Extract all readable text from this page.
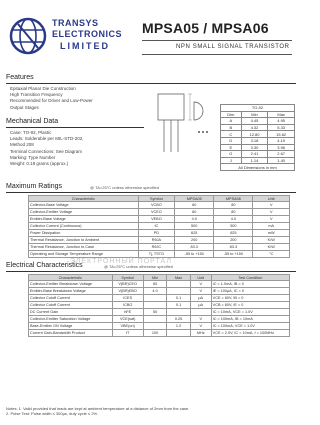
TRANSYS
ELECTRONICS
LIMITED
MPSA05 / MPSA06
NPN SMALL SIGNAL TRANSISTOR
Features
Epitaxial Planar Die Construction
High Transition Frequency
Recommended for Driver and Low-Power
Output Stages
Mechanical Data
Case: TO-92, Plastic
Leads: Solderable per MIL-STD-202,
Method 208
Terminal Connections: See Diagram
Marking: Type Number
Weight: 0.18 grams (approx.)
TO-92		
Dim	Min	Max
A	4.45	4.95
B	4.32	5.33
C	12.80	15.62
D	3.18	4.19
E	3.30	3.96
G	2.41	2.67
J	1.14	1.40
All Dimensions in mm		
Maximum Ratings	@ TA=25°C unless otherwise specified
Characteristic	Symbol	MPSA05	MPSA06	Unit
Collector-Base Voltage	VCBO	60	80	V
Collector-Emitter Voltage	VCEO	60	80	V
Emitter-Base Voltage	VEBO	4.0	4.0	V
Collector Current (Continuous)	IC	500	500	mA
Power Dissipation	PD	625	625	mW
Thermal Resistance, Junction to Ambient	RθJA	200	200	K/W
Thermal Resistance, Junction to Case	RθJC	83.3	83.3	K/W
Operating and Storage Temperature Range	Tj, TSTG	-55 to +150	-55 to +150	°C
ЭЛЕКТРОННЫЙ ПОРТАЛ
Electrical Characteristics	@ TA=25°C unless otherwise specified
Characteristic	Symbol	Min	Max	Unit	Test Condition
Collector-Emitter Breakdown Voltage	V(BR)CEO	60		V	IC = 1.0mA, IB = 0
Emitter-Base Breakdown Voltage	V(BR)EBO	4.0		V	IE = 100µA, IC = 0
Collector Cutoff Current	ICES		0.1	µA	VCE = 60V, IB = 0
Collector Cutoff Current	ICBO		0.1	µA	VCB = 60V, IE = 0
DC Current Gain	hFE	50			IC = 10mA, VCE = 1.0V
Collector-Emitter Saturation Voltage	VCE(sat)		0.25	V	IC = 100mA, IB = 10mA
Base-Emitter ON Voltage	VBE(on)		1.2	V	IC = 100mA, VCE = 1.0V
Current Gain-Bandwidth Product	fT	100		MHz	VCE = 2.0V, IC = 10mA, f = 100MHz
Notes: 1. Valid provided that leads are kept at ambient temperature at a distance of 2mm from the case.
2. Pulse Test: Pulse width ≤ 300µs, duty cycle ≤ 2%.
